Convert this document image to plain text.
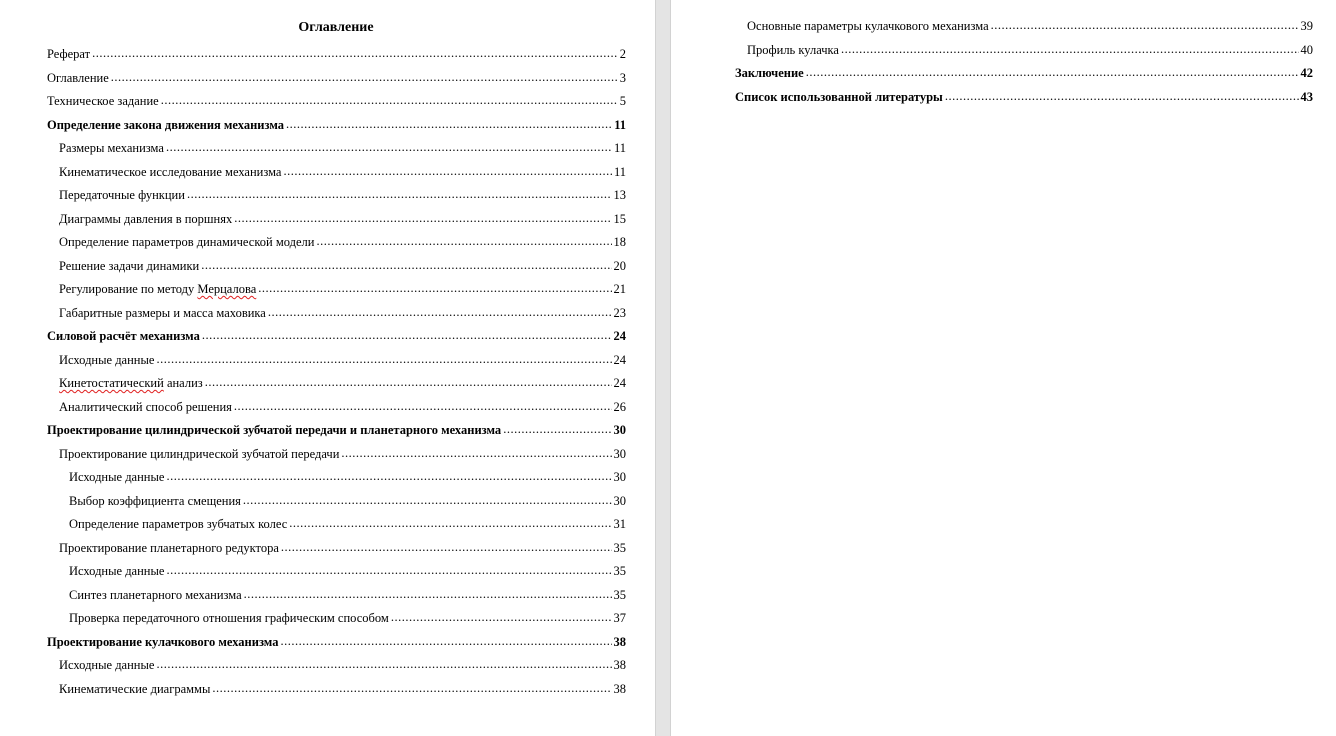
Оглавление
Реферат .....	2
Оглавление .....	3
Техническое задание .....	5
Определение закона движения механизма .....	11
Размеры механизма .....	11
Кинематическое исследование механизма .....	11
Передаточные функции .....	13
Диаграммы давления в поршнях .....	15
Определение параметров динамической модели .....	18
Решение задачи динамики .....	20
Регулирование по методу Мерцалова .....	21
Габаритные размеры и масса маховика .....	23
Силовой расчёт механизма .....	24
Исходные данные .....	24
Кинетостатический анализ .....	24
Аналитический способ решения .....	26
Проектирование цилиндрической зубчатой передачи и планетарного механизма .....	30
Проектирование цилиндрической зубчатой передачи .....	30
Исходные данные .....	30
Выбор коэффициента смещения .....	30
Определение параметров зубчатых колес .....	31
Проектирование планетарного редуктора .....	35
Исходные данные .....	35
Синтез планетарного механизма .....	35
Проверка передаточного отношения графическим способом .....	37
Проектирование кулачкового механизма .....	38
Исходные данные .....	38
Кинематические диаграммы .....	38
Основные параметры кулачкового механизма .....	39
Профиль кулачка .....	40
Заключение .....	42
Список использованной литературы .....	43
